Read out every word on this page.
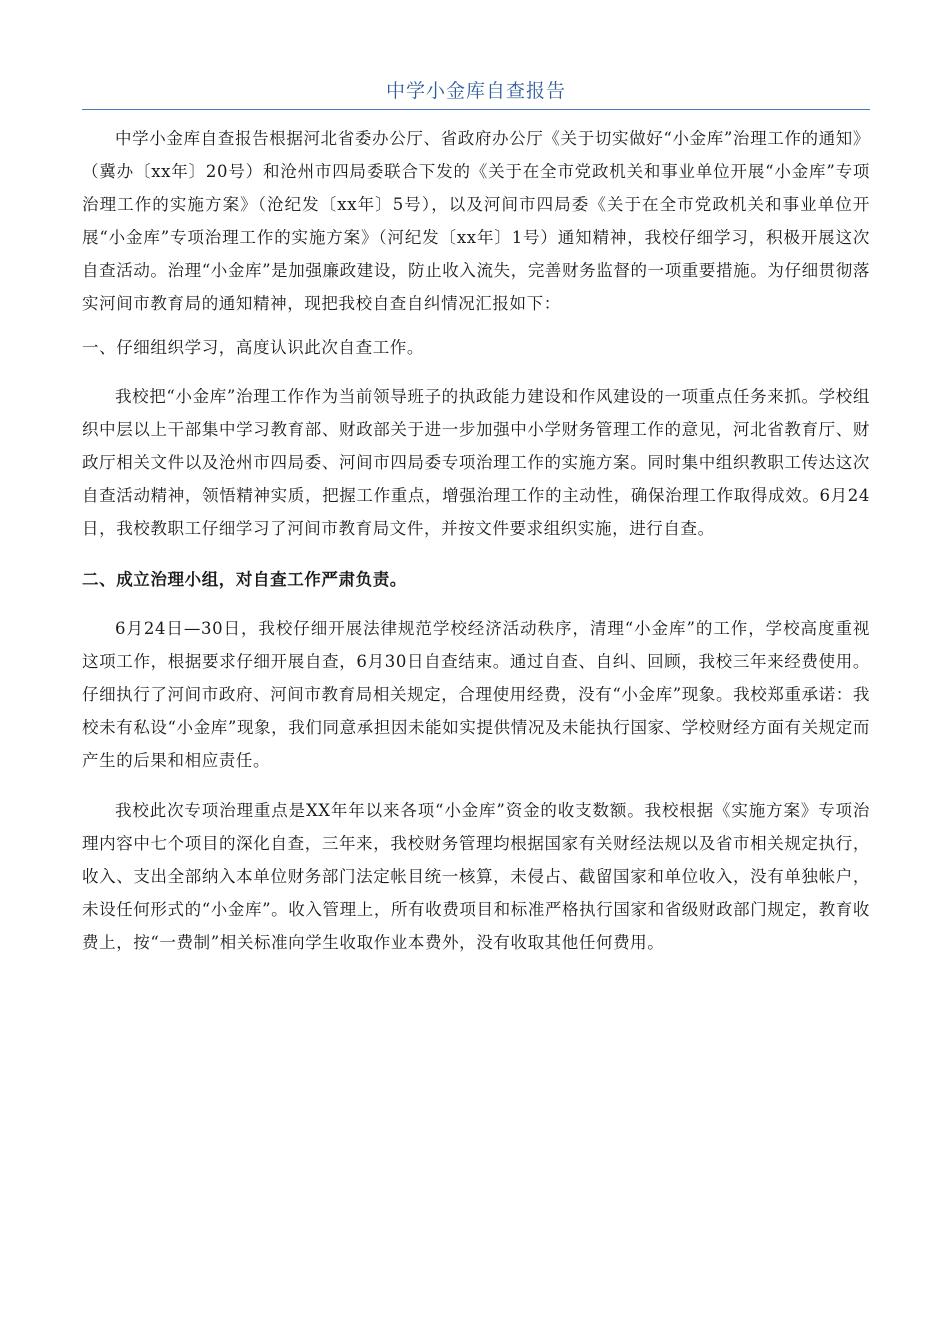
中学小金库自查报告

中学小金库自查报告根据河北省委办公厅、省政府办公厅《关于切实做好“小金库”治理工作的通知》（冀办〔xx年〕20号）和沧州市四局委联合下发的《关于在全市党政机关和事业单位开展“小金库”专项治理工作的实施方案》（沧纪发〔xx年〕5号），以及河间市四局委《关于在全市党政机关和事业单位开展“小金库”专项治理工作的实施方案》（河纪发〔xx年〕1号）通知精神，我校仔细学习，积极开展这次自查活动。治理“小金库”是加强廉政建设，防止收入流失，完善财务监督的一项重要措施。为仔细贯彻落实河间市教育局的通知精神，现把我校自查自纠情况汇报如下：

一、仔细组织学习，高度认识此次自查工作。

我校把“小金库”治理工作作为当前领导班子的执政能力建设和作风建设的一项重点任务来抓。学校组织中层以上干部集中学习教育部、财政部关于进一步加强中小学财务管理工作的意见，河北省教育厅、财政厅相关文件以及沧州市四局委、河间市四局委专项治理工作的实施方案。同时集中组织教职工传达这次自查活动精神，领悟精神实质，把握工作重点，增强治理工作的主动性，确保治理工作取得成效。6月24日，我校教职工仔细学习了河间市教育局文件，并按文件要求组织实施，进行自查。

二、成立治理小组，对自查工作严肃负责。

6月24日—30日，我校仔细开展法律规范学校经济活动秩序，清理“小金库”的工作，学校高度重视这项工作，根据要求仔细开展自查，6月30日自查结束。通过自查、自纠、回顾，我校三年来经费使用。仔细执行了河间市政府、河间市教育局相关规定，合理使用经费，没有“小金库”现象。我校郑重承诺：我校未有私设“小金库”现象，我们同意承担因未能如实提供情况及未能执行国家、学校财经方面有关规定而产生的后果和相应责任。

我校此次专项治理重点是XX年年以来各项“小金库”资金的收支数额。我校根据《实施方案》专项治理内容中七个项目的深化自查，三年来，我校财务管理均根据国家有关财经法规以及省市相关规定执行，收入、支出全部纳入本单位财务部门法定帐目统一核算，未侵占、截留国家和单位收入，没有单独帐户，未设任何形式的“小金库”。收入管理上，所有收费项目和标准严格执行国家和省级财政部门规定，教育收费上，按“一费制”相关标准向学生收取作业本费外，没有收取其他任何费用。
